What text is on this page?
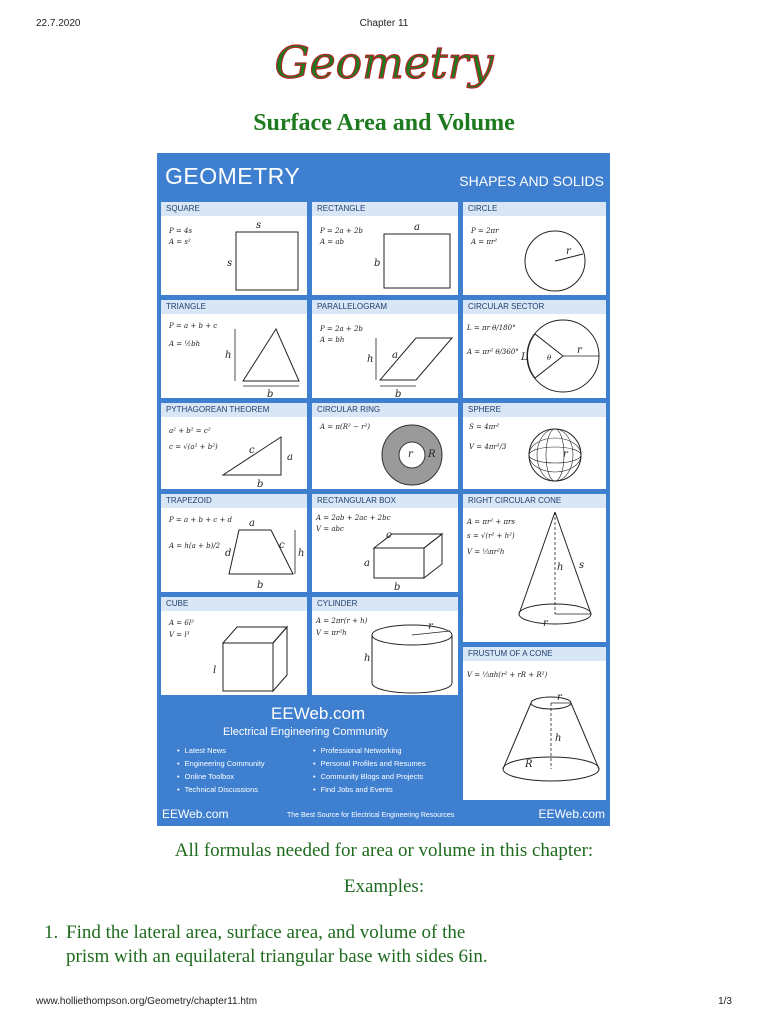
22.7.2020	Chapter 11
Geometry
Surface Area and Volume
GEOMETRY	SHAPES AND SOLIDS
SQUARE
P = 4s
A = s²
s
s
RECTANGLE
P = 2a + 2b
A = ab
a
b
CIRCLE
P = 2πr
A = πr²
r
TRIANGLE
P = a + b + c
A = ½bh
h
b
PARALLELOGRAM
P = 2a + 2b
A = bh
h a
b
CIRCULAR SECTOR
L = πr θ/180°
A = πr² θ/360° L	θ
r
PYTHAGOREAN THEOREM
a² + b² = c²
c = √(a² + b²)	c
a
b
CIRCULAR RING
A = π(R² − r²)
r R
SPHERE
S = 4πr²
V = 4πr³/3
r
TRAPEZOID
P = a + b + c + d
A = h(a + b)/2
a
d
c
h
b
RECTANGULAR BOX
A = 2ab + 2ac + 2bc
V = abc
c
a
b
RIGHT CIRCULAR CONE
A = πr² + πrs
s = √(r² + h²)
V = ⅓πr²h
s
h
r
CUBE
A = 6l²
V = l³
l
CYLINDER
A = 2πr(r + h)
V = πr²h
r
h	FRUSTUM OF A CONE
V = ⅓πh(r² + rR + R²)
r
h
R
EEWeb.com
Electrical Engineering Community
• Latest News
• Engineering Community
• Online Toolbox
• Technical Discussions
• Professional Networking
• Personal Profiles and Resumes
• Community Blogs and Projects
• Find Jobs and Events
EEWeb.com	The Best Source for Electrical Engineering Resources	EEWeb.com
All formulas needed for area or volume in this chapter:
Examples:
1. Find the lateral area, surface area, and volume of the
prism with an equilateral triangular base with sides 6in.
www.holliethompson.org/Geometry/chapter11.htm	1/3
